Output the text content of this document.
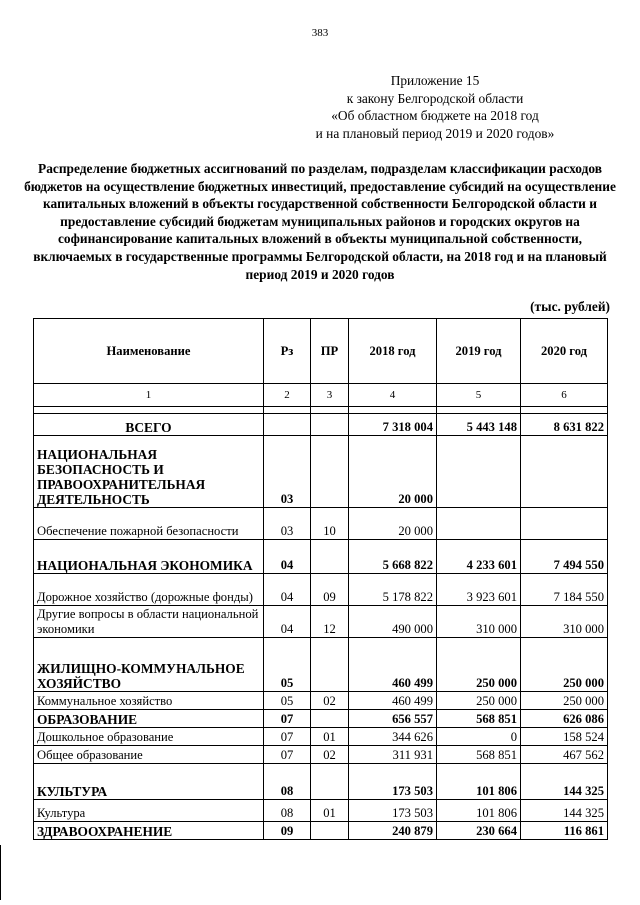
383
Приложение 15
к закону Белгородской области
«Об областном бюджете на 2018 год
и на плановый период 2019 и 2020 годов»
Распределение бюджетных ассигнований по разделам, подразделам классификации расходов бюджетов на осуществление бюджетных инвестиций, предоставление субсидий на осуществление капитальных вложений в объекты государственной собственности Белгородской области и предоставление субсидий бюджетам муниципальных районов и городских округов на софинансирование капитальных вложений в объекты муниципальной собственности, включаемых в государственные программы Белгородской области, на 2018 год и на плановый период 2019 и 2020 годов
(тыс. рублей)
Наименование	Рз	ПР	2018 год	2019 год	2020 год
1	2	3	4	5	6

ВСЕГО			7 318 004	5 443 148	8 631 822
НАЦИОНАЛЬНАЯ БЕЗОПАСНОСТЬ И ПРАВООХРАНИТЕЛЬНАЯ ДЕЯТЕЛЬНОСТЬ	03		20 000		
Обеспечение пожарной безопасности	03	10	20 000		
НАЦИОНАЛЬНАЯ ЭКОНОМИКА	04		5 668 822	4 233 601	7 494 550
Дорожное хозяйство (дорожные фонды)	04	09	5 178 822	3 923 601	7 184 550
Другие вопросы в области национальной экономики	04	12	490 000	310 000	310 000
ЖИЛИЩНО-КОММУНАЛЬНОЕ ХОЗЯЙСТВО	05		460 499	250 000	250 000
Коммунальное хозяйство	05	02	460 499	250 000	250 000
ОБРАЗОВАНИЕ	07		656 557	568 851	626 086
Дошкольное образование	07	01	344 626	0	158 524
Общее образование	07	02	311 931	568 851	467 562
КУЛЬТУРА	08		173 503	101 806	144 325
Культура	08	01	173 503	101 806	144 325
ЗДРАВООХРАНЕНИЕ	09		240 879	230 664	116 861
